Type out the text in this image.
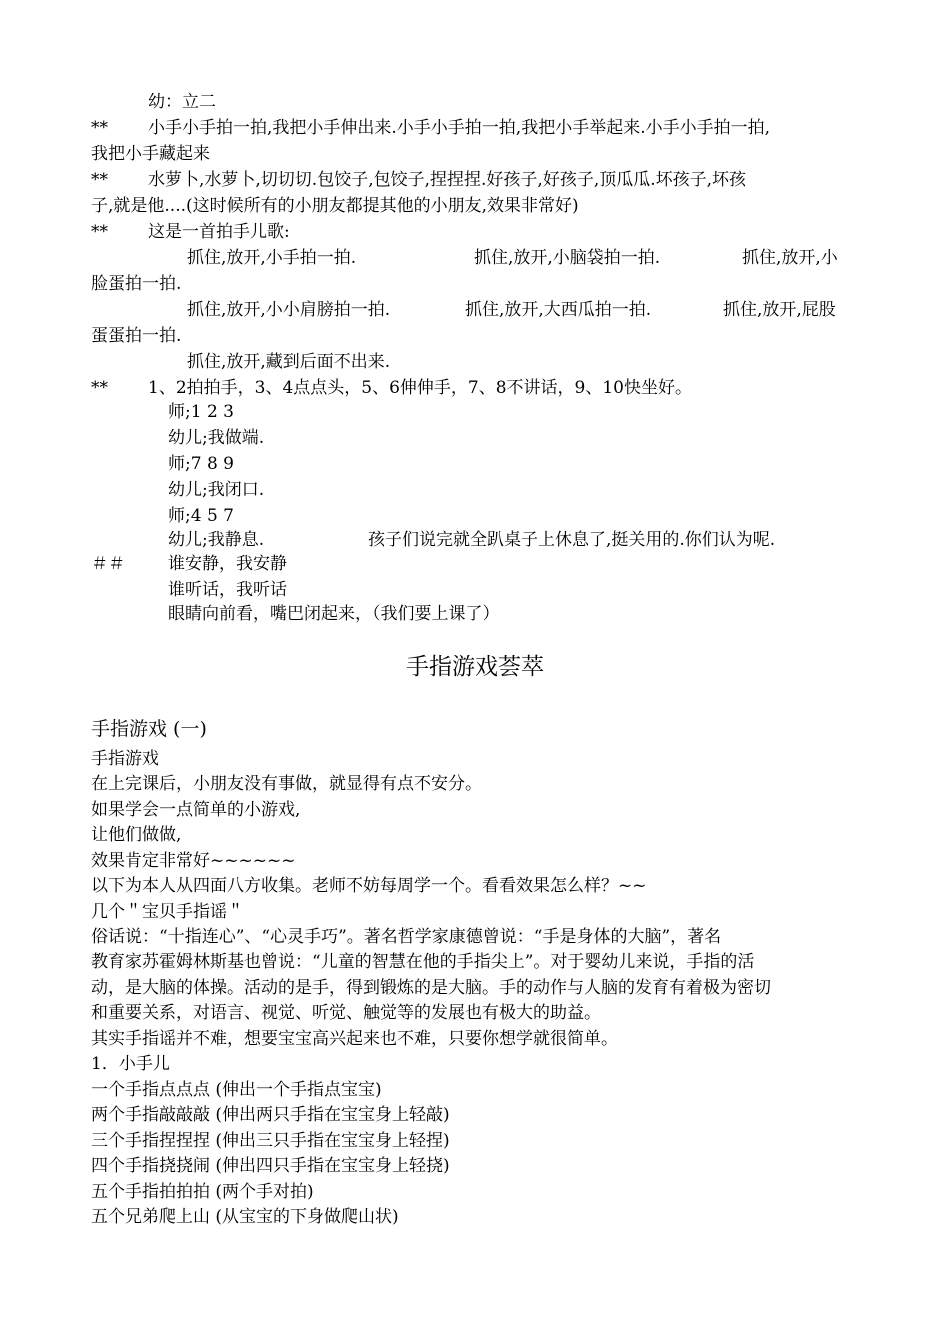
幼：立二
** 小手小手拍一拍,我把小手伸出来.小手小手拍一拍,我把小手举起来.小手小手拍一拍,
我把小手藏起来
** 水萝卜,水萝卜,切切切.包饺子,包饺子,捏捏捏.好孩子,好孩子,顶瓜瓜.坏孩子,坏孩
子,就是他....(这时候所有的小朋友都提其他的小朋友,效果非常好)
** 这是一首拍手儿歌:
抓住,放开,小手拍一拍.	抓住,放开,小脑袋拍一拍.	抓住,放开,小
脸蛋拍一拍.
抓住,放开,小小肩膀拍一拍.	抓住,放开,大西瓜拍一拍.	抓住,放开,屁股
蛋蛋拍一拍.
抓住,放开,藏到后面不出来.
** 1、2拍拍手，3、4点点头，5、6伸伸手，7、8不讲话，9、10快坐好。
师;1 2 3
幼儿;我做端.
师;7 8 9
幼儿;我闭口.
师;4 5 7
幼儿;我静息.	孩子们说完就全趴桌子上休息了,挺关用的.你们认为呢.
＃＃	谁安静，我安静
谁听话，我听话
眼睛向前看，嘴巴闭起来，（我们要上课了）
手指游戏荟萃
手指游戏 (一)
手指游戏
在上完课后，小朋友没有事做，就显得有点不安分。
如果学会一点简单的小游戏,
让他们做做,
效果肯定非常好~~~~~~
以下为本人从四面八方收集。老师不妨每周学一个。看看效果怎么样？~~
几个＂宝贝手指谣＂
俗话说：“十指连心”、“心灵手巧”。著名哲学家康德曾说：“手是身体的大脑”，著名
教育家苏霍姆林斯基也曾说：“儿童的智慧在他的手指尖上”。对于婴幼儿来说，手指的活
动，是大脑的体操。活动的是手，得到锻炼的是大脑。手的动作与人脑的发育有着极为密切
和重要关系，对语言、视觉、听觉、触觉等的发展也有极大的助益。
其实手指谣并不难，想要宝宝高兴起来也不难，只要你想学就很简单。
1．小手儿
一个手指点点点 (伸出一个手指点宝宝)
两个手指敲敲敲 (伸出两只手指在宝宝身上轻敲)
三个手指捏捏捏 (伸出三只手指在宝宝身上轻捏)
四个手指挠挠闹 (伸出四只手指在宝宝身上轻挠)
五个手指拍拍拍 (两个手对拍)
五个兄弟爬上山 (从宝宝的下身做爬山状)
